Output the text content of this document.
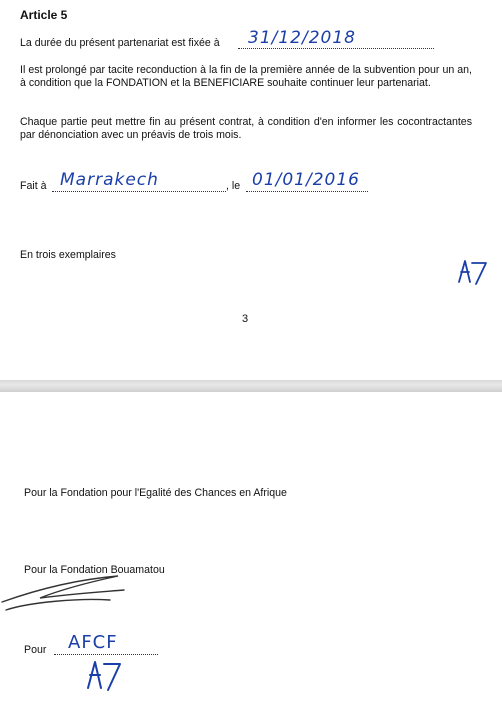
Article 5
La durée du présent partenariat est fixée à 31/12/2018
Il est prolongé par tacite reconduction à la fin de la première année de la subvention pour un an, à condition que la FONDATION et la BENEFICIARE souhaite continuer leur partenariat.
Chaque partie peut mettre fin au présent contrat, à condition d'en informer les cocontractantes par dénonciation avec un préavis de trois mois.
Fait à Marrakech	, le 01/01/2016
En trois exemplaires
3
Pour la Fondation pour l'Egalité des Chances en Afrique
Pour la Fondation Bouamatou
Pour AFCF
